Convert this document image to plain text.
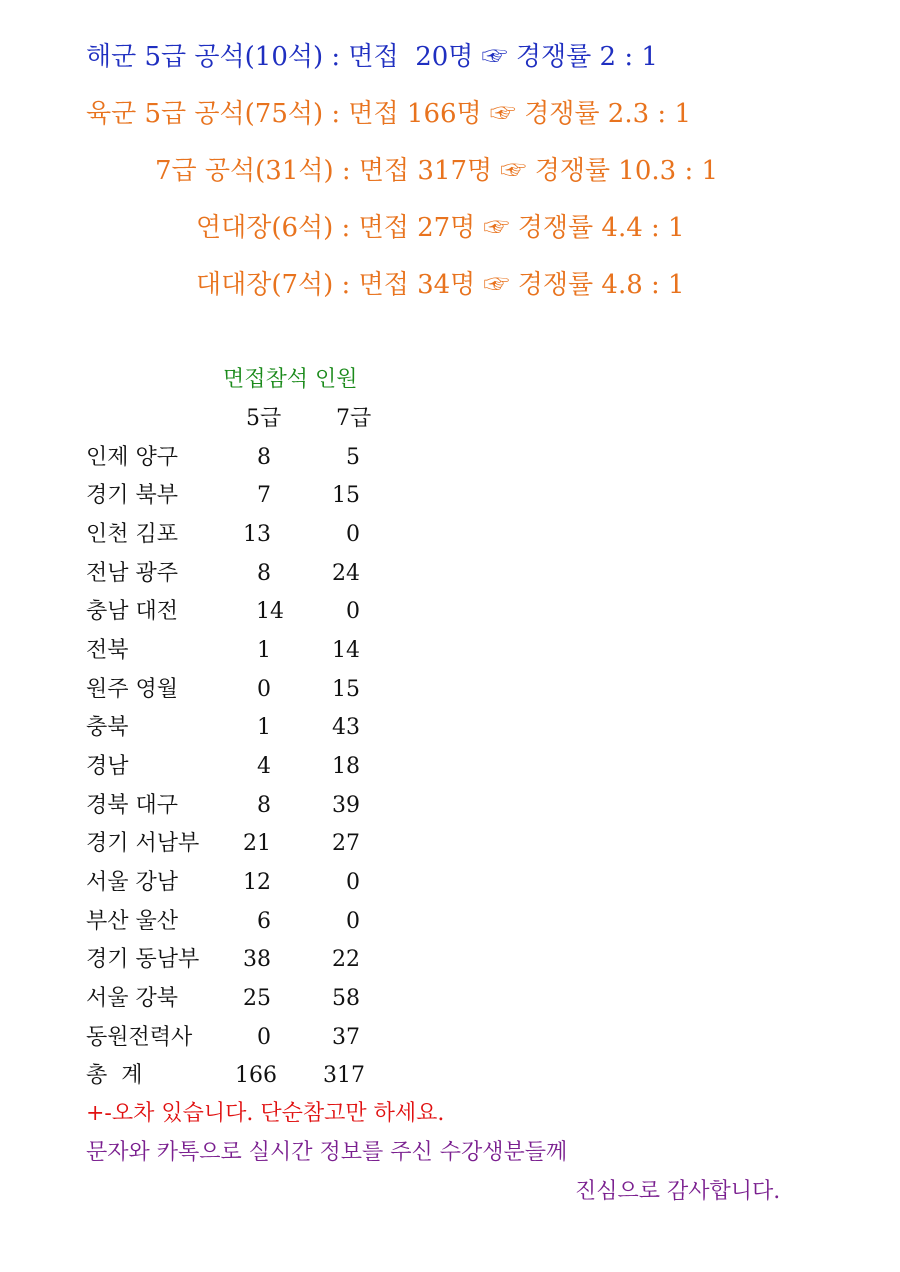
해군 5급 공석(10석) : 면접  20명 ☞ 경쟁률 2 : 1
육군 5급 공석(75석) : 면접 166명 ☞ 경쟁률 2.3 : 1
7급 공석(31석) : 면접 317명 ☞ 경쟁률 10.3 : 1
연대장(6석) : 면접 27명 ☞ 경쟁률 4.4 : 1
대대장(7석) : 면접 34명 ☞ 경쟁률 4.8 : 1
면접참석 인원
5급 7급
인제 양구	8	5
경기 북부	7	15
인천 김포	13	0
전남 광주	8	24
충남 대전	14	0
전북	1	14
원주 영월	0	15
충북	1	43
경남	4	18
경북 대구	8	39
경기 서남부	21	27
서울 강남	12	0
부산 울산	6	0
경기 동남부	38	22
서울 강북	25	58
동원전력사	0	37
총  계	166 317
+-오차 있습니다. 단순참고만 하세요.
문자와 카톡으로 실시간 정보를 주신 수강생분들께
진심으로 감사합니다.
